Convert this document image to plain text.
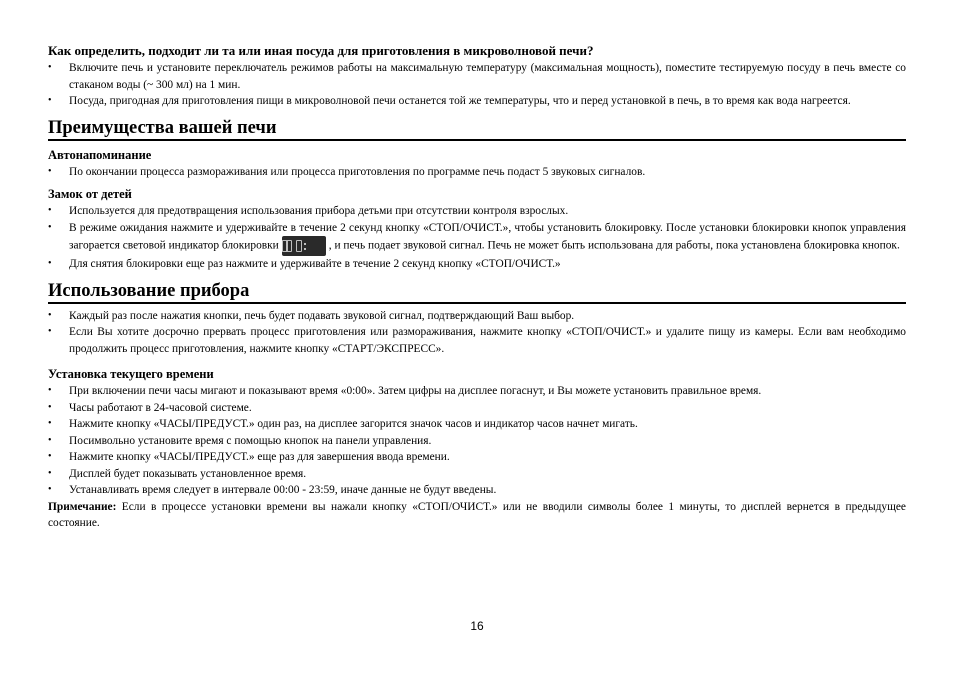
Как определить, подходит ли та или иная посуда для приготовления в микроволновой печи?
• Включите печь и установите переключатель режимов работы на максимальную температуру (максимальная мощность), поместите тестируемую посуду в печь вместе со стаканом воды (~ 300 мл) на 1 мин.
• Посуда, пригодная для приготовления пищи в микроволновой печи останется той же температуры, что и перед установкой в печь, в то время как вода нагреется.
Преимущества вашей печи
Автонапоминание
• По окончании процесса размораживания или процесса приготовления по программе печь подаст 5 звуковых сигналов.
Замок от детей
• Используется для предотвращения использования прибора детьми при отсутствии контроля взрослых.
• В режиме ожидания нажмите и удерживайте в течение 2 секунд кнопку «СТОП/ОЧИСТ.», чтобы установить блокировку. После установки блокировки кнопок управления загорается световой индикатор блокировки	, и печь подает звуковой сигнал. Печь не может быть использована для работы, пока установлена блокировка кнопок.
• Для снятия блокировки еще раз нажмите и удерживайте в течение 2 секунд кнопку «СТОП/ОЧИСТ.»
Использование прибора
• Каждый раз после нажатия кнопки, печь будет подавать звуковой сигнал, подтверждающий Ваш выбор.
• Если Вы хотите досрочно прервать процесс приготовления или размораживания, нажмите кнопку «СТОП/ОЧИСТ.» и удалите пищу из камеры. Если вам необходимо продолжить процесс приготовления, нажмите кнопку «СТАРТ/ЭКСПРЕСС».
Установка текущего времени
• При включении печи часы мигают и показывают время «0:00». Затем цифры на дисплее погаснут, и Вы можете установить правильное время.
• Часы работают в 24-часовой системе.
• Нажмите кнопку «ЧАСЫ/ПРЕДУСТ.» один раз, на дисплее загорится значок часов и индикатор часов начнет мигать.
• Посимвольно установите время с помощью кнопок на панели управления.
• Нажмите кнопку «ЧАСЫ/ПРЕДУСТ.» еще раз для завершения ввода времени.
• Дисплей будет показывать установленное время.
• Устанавливать время следует в интервале 00:00 - 23:59, иначе данные не будут введены.
Примечание: Если в процессе установки времени вы нажали кнопку «СТОП/ОЧИСТ.» или не вводили символы более 1 минуты, то дисплей вернется в предыдущее состояние.
16
